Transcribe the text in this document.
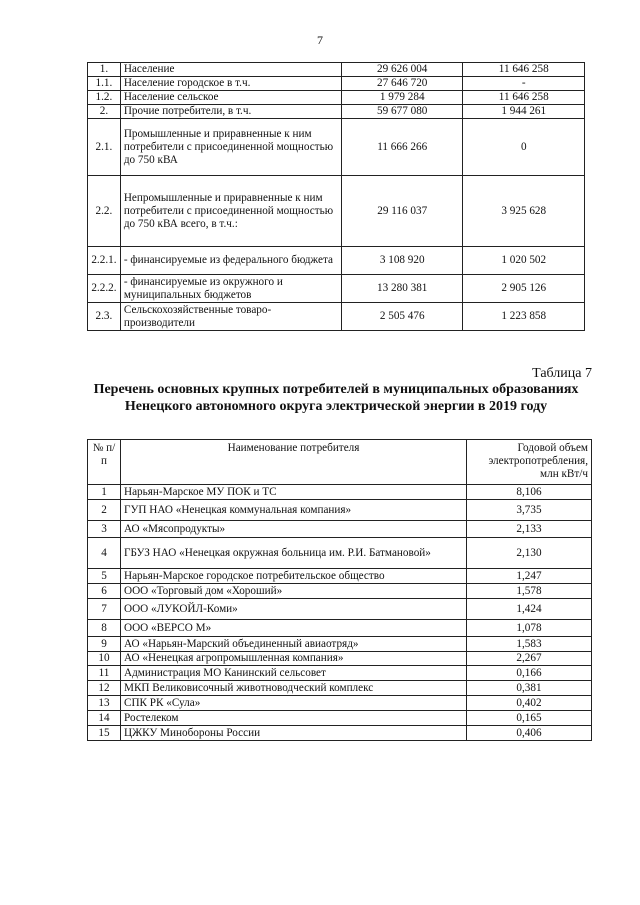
7
1.	Население	29 626 004	11 646 258
1.1.	Население городское в т.ч.	27 646 720	-
1.2.	Население сельское	1 979 284	11 646 258
2.	Прочие потребители, в т.ч.	59 677 080	1 944 261
2.1.	Промышленные и приравненные к ним потребители с присоединенной мощностью до 750 кВА	11 666 266	0
2.2.	Непромышленные и приравненные к ним потребители с присоединенной мощностью до 750 кВА всего, в т.ч.:	29 116 037	3 925 628
2.2.1.	- финансируемые из федерального бюджета	3 108 920	1 020 502
2.2.2.	- финансируемые из окружного и муниципальных бюджетов	13 280 381	2 905 126
2.3.	Сельскохозяйственные товаро-производители	2 505 476	1 223 858
Таблица 7
Перечень основных крупных потребителей в муниципальных образованиях Ненецкого автономного округа электрической энергии в 2019 году
№ п/п	Наименование потребителя	Годовой объем электропотребления, млн кВт/ч
1	Нарьян-Марское МУ ПОК и ТС	8,106
2	ГУП НАО «Ненецкая коммунальная компания»	3,735
3	АО «Мясопродукты»	2,133
4	ГБУЗ НАО «Ненецкая окружная больница им. Р.И. Батмановой»	2,130
5	Нарьян-Марское городское потребительское общество	1,247
6	ООО «Торговый дом «Хороший»	1,578
7	ООО «ЛУКОЙЛ-Коми»	1,424
8	ООО «ВЕРСО М»	1,078
9	АО «Нарьян-Марский объединенный авиаотряд»	1,583
10	АО «Ненецкая агропромышленная компания»	2,267
11	Администрация МО Канинский сельсовет	0,166
12	МКП Великовисочный животноводческий комплекс	0,381
13	СПК РК «Сула»	0,402
14	Ростелеком	0,165
15	ЦЖКУ Минобороны России	0,406
